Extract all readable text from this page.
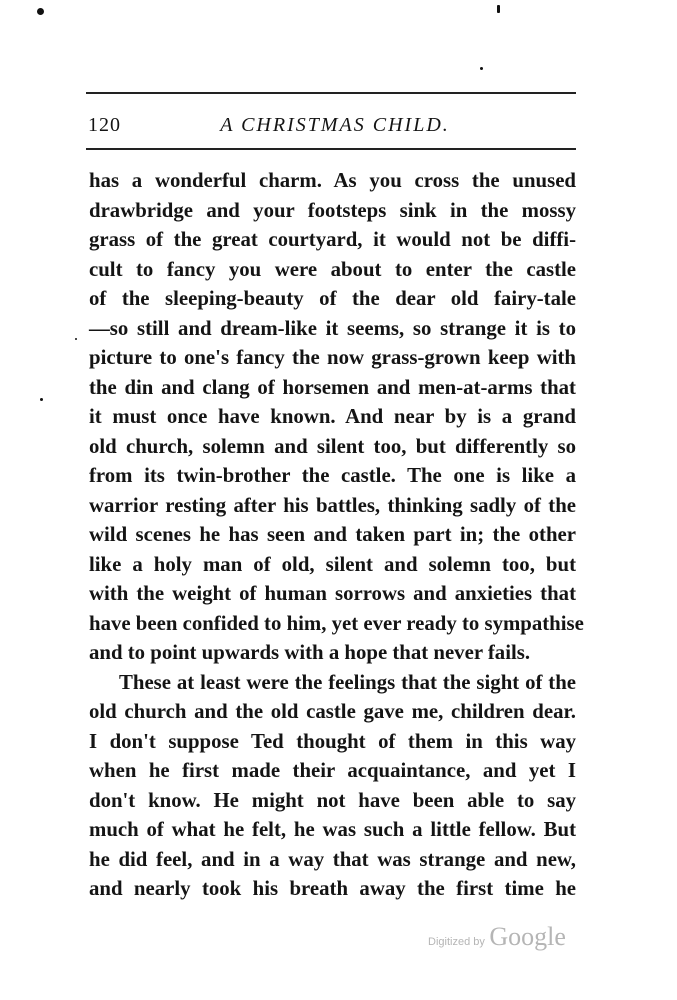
120	A CHRISTMAS CHILD.
has a wonderful charm. As you cross the unused
drawbridge and your footsteps sink in the mossy
grass of the great courtyard, it would not be diffi-
cult to fancy you were about to enter the castle
of the sleeping-beauty of the dear old fairy-tale
—so still and dream-like it seems, so strange it is to
picture to one's fancy the now grass-grown keep with
the din and clang of horsemen and men-at-arms that
it must once have known. And near by is a grand
old church, solemn and silent too, but differently so
from its twin-brother the castle. The one is like a
warrior resting after his battles, thinking sadly of the
wild scenes he has seen and taken part in; the other
like a holy man of old, silent and solemn too, but
with the weight of human sorrows and anxieties that
have been confided to him, yet ever ready to sympathise
and to point upwards with a hope that never fails.
These at least were the feelings that the sight of the
old church and the old castle gave me, children dear.
I don't suppose Ted thought of them in this way
when he first made their acquaintance, and yet I
don't know. He might not have been able to say
much of what he felt, he was such a little fellow. But
he did feel, and in a way that was strange and new,
and nearly took his breath away the first time he
Digitized by Google
